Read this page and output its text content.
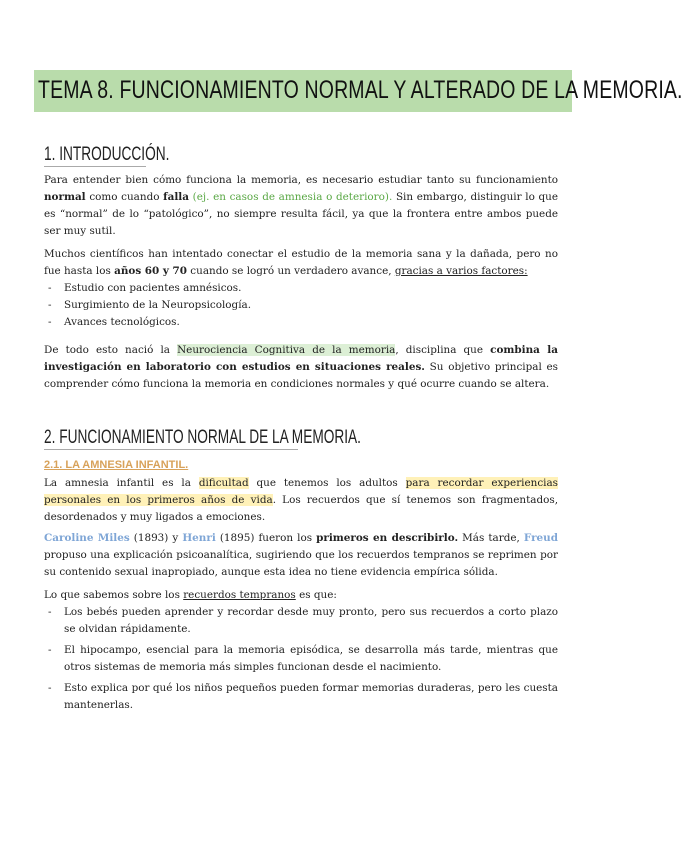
TEMA 8. FUNCIONAMIENTO NORMAL Y ALTERADO DE LA MEMORIA.
1. INTRODUCCIÓN.
Para entender bien cómo funciona la memoria, es necesario estudiar tanto su funcionamiento normal como cuando falla (ej. en casos de amnesia o deterioro). Sin embargo, distinguir lo que es “normal” de lo “patológico”, no siempre resulta fácil, ya que la frontera entre ambos puede ser muy sutil.
Muchos científicos han intentado conectar el estudio de la memoria sana y la dañada, pero no fue hasta los años 60 y 70 cuando se logró un verdadero avance, gracias a varios factores:
- Estudio con pacientes amnésicos.
- Surgimiento de la Neuropsicología.
- Avances tecnológicos.
De todo esto nació la Neurociencia Cognitiva de la memoria, disciplina que combina la investigación en laboratorio con estudios en situaciones reales. Su objetivo principal es comprender cómo funciona la memoria en condiciones normales y qué ocurre cuando se altera.
2. FUNCIONAMIENTO NORMAL DE LA MEMORIA.
2.1. LA AMNESIA INFANTIL.
La amnesia infantil es la dificultad que tenemos los adultos para recordar experiencias personales en los primeros años de vida. Los recuerdos que sí tenemos son fragmentados, desordenados y muy ligados a emociones.
Caroline Miles (1893) y Henri (1895) fueron los primeros en describirlo. Más tarde, Freud propuso una explicación psicoanalítica, sugiriendo que los recuerdos tempranos se reprimen por su contenido sexual inapropiado, aunque esta idea no tiene evidencia empírica sólida.
Lo que sabemos sobre los recuerdos tempranos es que:
- Los bebés pueden aprender y recordar desde muy pronto, pero sus recuerdos a corto plazo se olvidan rápidamente.
- El hipocampo, esencial para la memoria episódica, se desarrolla más tarde, mientras que otros sistemas de memoria más simples funcionan desde el nacimiento.
- Esto explica por qué los niños pequeños pueden formar memorias duraderas, pero les cuesta mantenerlas.
